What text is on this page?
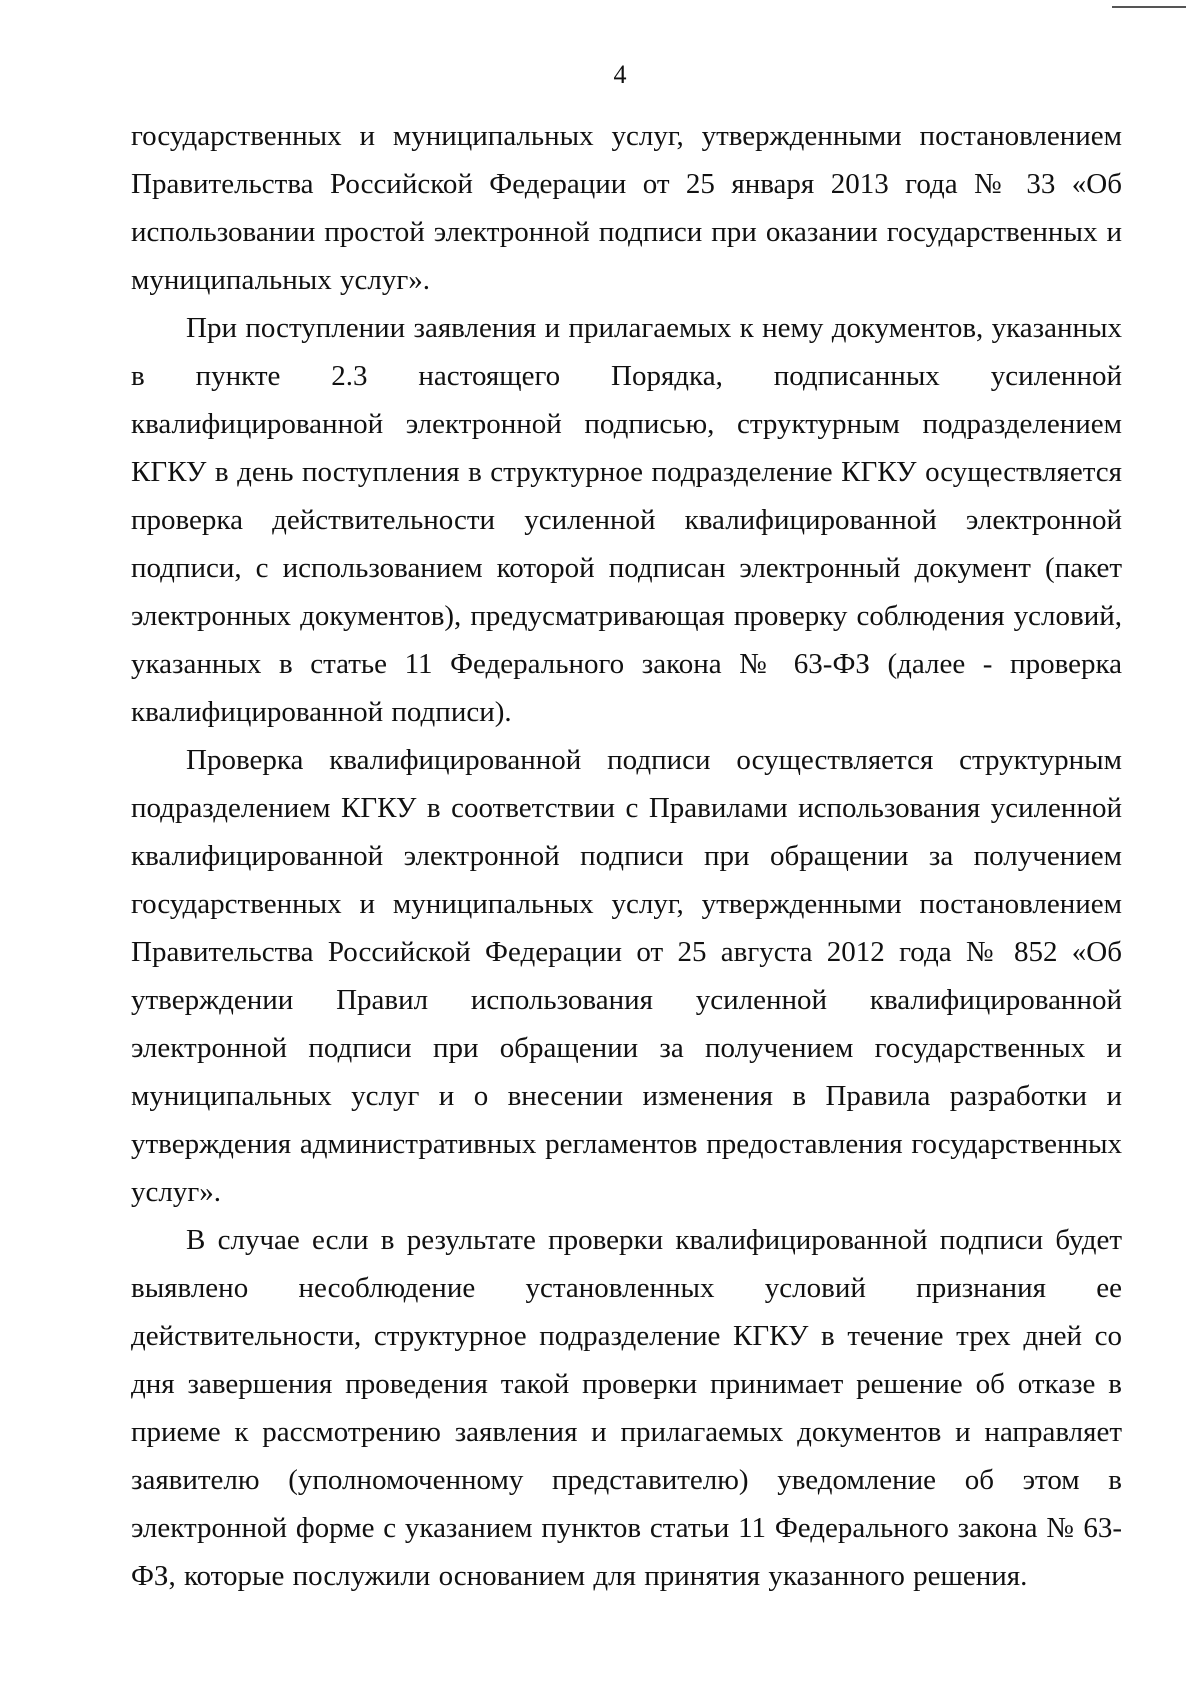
4

государственных и муниципальных услуг, утвержденными постановлением Правительства Российской Федерации от 25 января 2013 года № 33 «Об использовании простой электронной подписи при оказании государственных и муниципальных услуг».

При поступлении заявления и прилагаемых к нему документов, указанных в пункте 2.3 настоящего Порядка, подписанных усиленной квалифицированной электронной подписью, структурным подразделением КГКУ в день поступления в структурное подразделение КГКУ осуществляется проверка действительности усиленной квалифицированной электронной подписи, с использованием которой подписан электронный документ (пакет электронных документов), предусматривающая проверку соблюдения условий, указанных в статье 11 Федерального закона № 63-ФЗ (далее - проверка квалифицированной подписи).

Проверка квалифицированной подписи осуществляется структурным подразделением КГКУ в соответствии с Правилами использования усиленной квалифицированной электронной подписи при обращении за получением государственных и муниципальных услуг, утвержденными постановлением Правительства Российской Федерации от 25 августа 2012 года № 852 «Об утверждении Правил использования усиленной квалифицированной электронной подписи при обращении за получением государственных и муниципальных услуг и о внесении изменения в Правила разработки и утверждения административных регламентов предоставления государственных услуг».

В случае если в результате проверки квалифицированной подписи будет выявлено несоблюдение установленных условий признания ее действительности, структурное подразделение КГКУ в течение трех дней со дня завершения проведения такой проверки принимает решение об отказе в приеме к рассмотрению заявления и прилагаемых документов и направляет заявителю (уполномоченному представителю) уведомление об этом в электронной форме с указанием пунктов статьи 11 Федерального закона № 63-ФЗ, которые послужили основанием для принятия указанного решения.
